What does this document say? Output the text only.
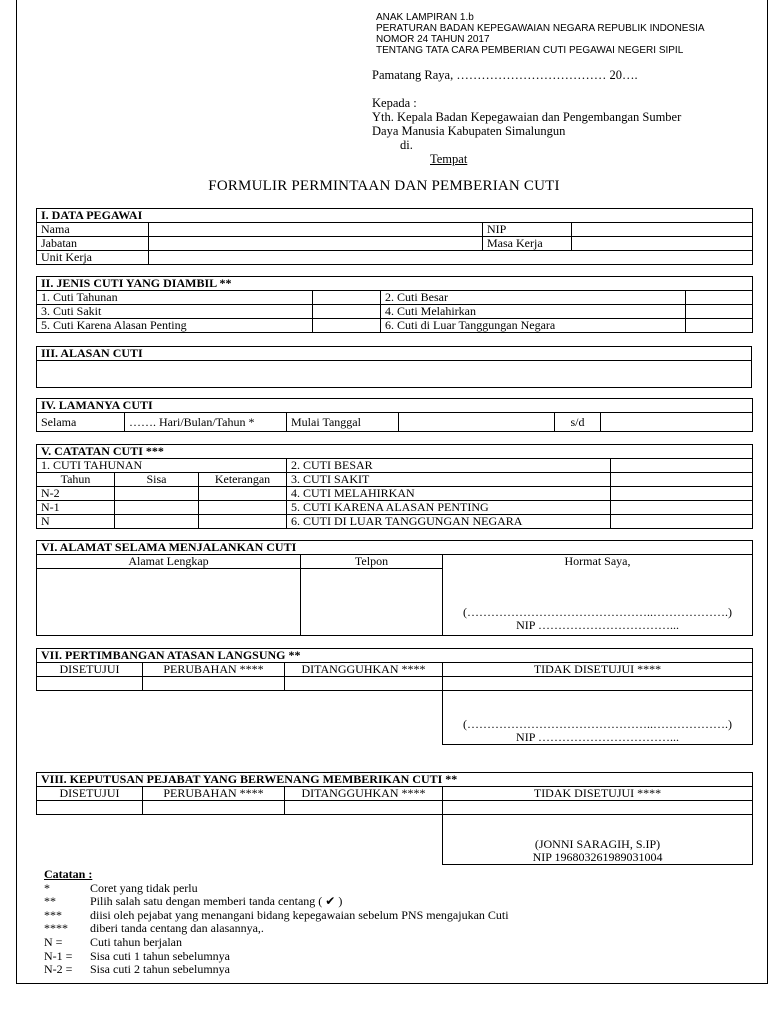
ANAK LAMPIRAN 1.b
PERATURAN BADAN KEPEGAWAIAN NEGARA REPUBLIK INDONESIA
NOMOR 24 TAHUN 2017
TENTANG TATA CARA PEMBERIAN CUTI PEGAWAI NEGERI SIPIL
Pamatang Raya, ……………………………… 20….
Kepada :
Yth. Kepala Badan Kepegawaian dan Pengembangan Sumber
Daya Manusia Kabupaten Simalungun
di.
Tempat
FORMULIR PERMINTAAN DAN PEMBERIAN CUTI
I. DATA PEGAWAI			
Nama		NIP	
Jabatan		Masa Kerja	
Unit Kerja			
II. JENIS CUTI YANG DIAMBIL **			
1. Cuti Tahunan		2. Cuti Besar	
3. Cuti Sakit		4. Cuti Melahirkan	
5. Cuti Karena Alasan Penting		6. Cuti di Luar Tanggungan Negara	
III. ALASAN CUTI

IV. LAMANYA CUTI
Selama	……. Hari/Bulan/Tahun *	Mulai Tanggal		s/d	
V. CATATAN CUTI ***				
1. CUTI TAHUNAN			2. CUTI BESAR	
Tahun	Sisa	Keterangan	3. CUTI SAKIT	
N-2			4. CUTI MELAHIRKAN	
N-1			5. CUTI KARENA ALASAN PENTING	
N			6. CUTI DI LUAR TANGGUNGAN NEGARA	
VI. ALAMAT SELAMA MENJALANKAN CUTI		
Alamat Lengkap	Telpon	Hormat Saya,
		(………………………………………..……………….)
		NIP ……………………………...
VII. PERTIMBANGAN ATASAN LANGSUNG **			
DISETUJUI	PERUBAHAN ****	DITANGGUHKAN ****	TIDAK DISETUJUI ****

			(………………………………………..……………….)
			NIP ……………………………...
VIII. KEPUTUSAN PEJABAT YANG BERWENANG MEMBERIKAN CUTI **			
DISETUJUI	PERUBAHAN ****	DITANGGUHKAN ****	TIDAK DISETUJUI ****

			(JONNI SARAGIH, S.IP)
			NIP 196803261989031004
Catatan :
*	Coret yang tidak perlu
**	Pilih salah satu dengan memberi tanda centang ( ✔ )
***	diisi oleh pejabat yang menangani bidang kepegawaian sebelum PNS mengajukan Cuti
****	diberi tanda centang dan alasannya,.
N =	Cuti tahun berjalan
N-1 =	Sisa cuti 1 tahun sebelumnya
N-2 =	Sisa cuti 2 tahun sebelumnya
